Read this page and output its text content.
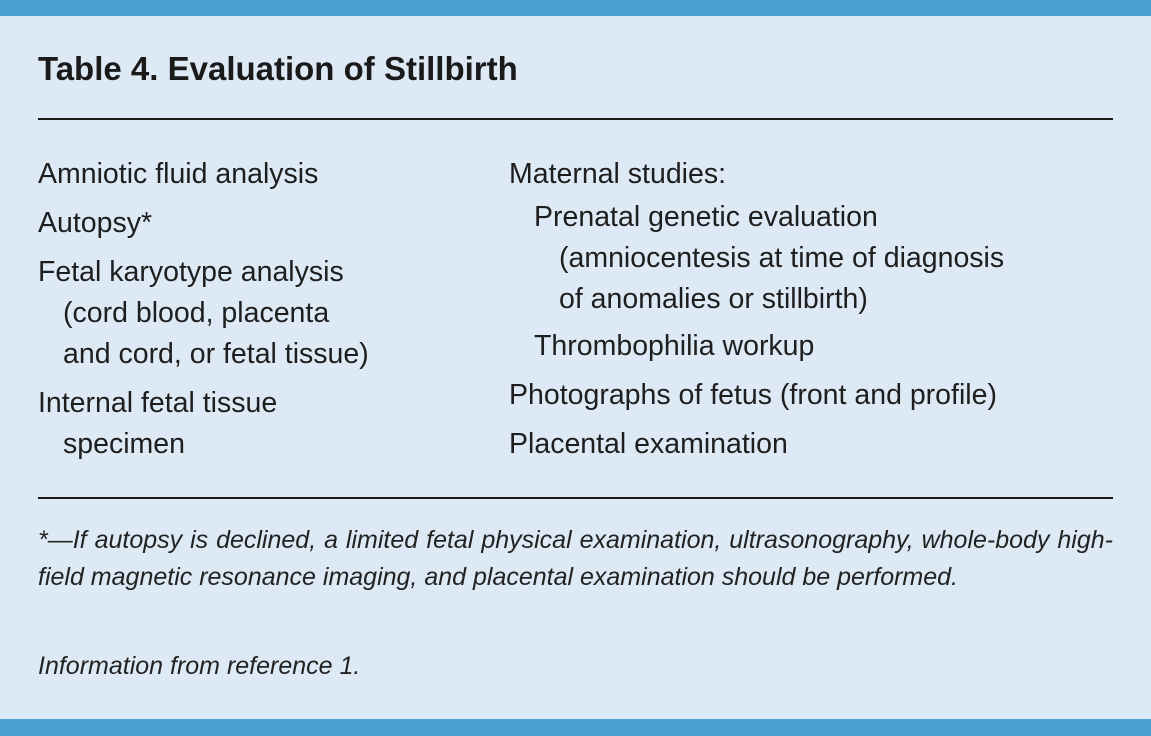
Table 4. Evaluation of Stillbirth
Amniotic fluid analysis
Autopsy*
Fetal karyotype analysis
(cord blood, placenta
and cord, or fetal tissue)
Internal fetal tissue
specimen
Maternal studies:
Prenatal genetic evaluation
(amniocentesis at time of diagnosis
of anomalies or stillbirth)
Thrombophilia workup
Photographs of fetus (front and profile)
Placental examination
*—If autopsy is declined, a limited fetal physical examination, ultrasonography, whole-body high-field magnetic resonance imaging, and placental examination should be performed.
Information from reference 1.
